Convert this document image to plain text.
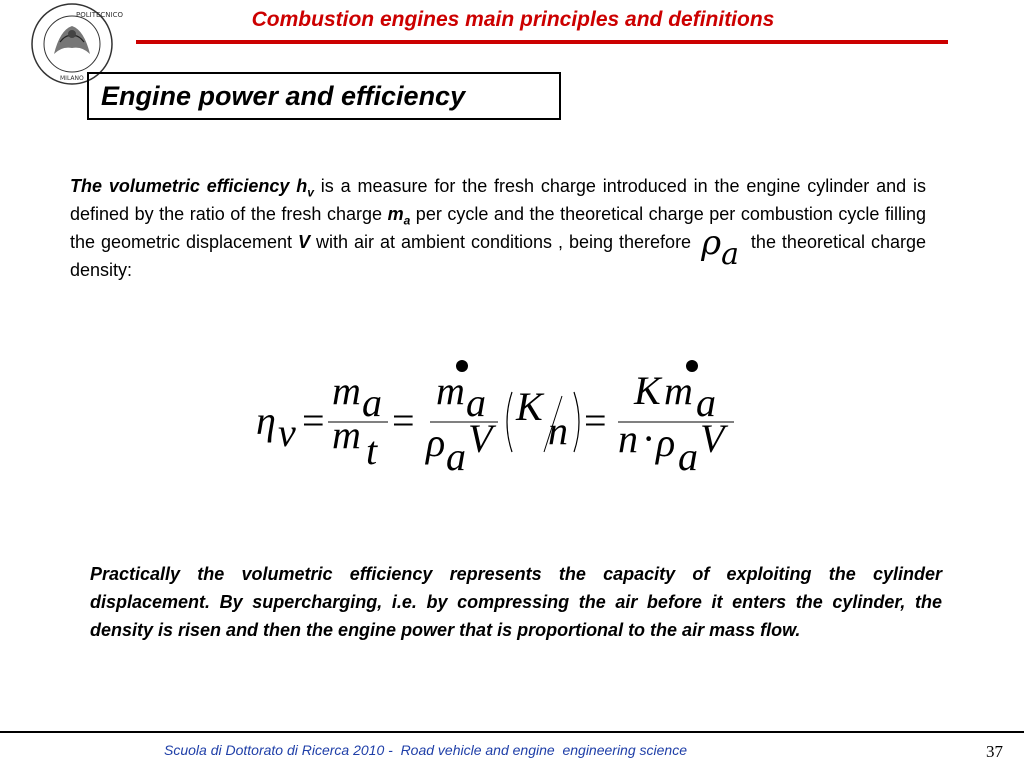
POLITECNICO
MILANO
Combustion engines main principles and definitions
Engine power and efficiency
The volumetric efficiency $h_v$ is a measure for the fresh charge introduced in the engine cylinder and is defined by the ratio of the fresh charge $m_a$ per cycle and the theoretical charge per combustion cycle filling the geometric displacement V with air at ambient conditions , being therefore $\rho_a$ the theoretical charge density:
η v =
m a
m t
=
m a
ρ a V
K
n =
K m a
n · ρ a V
Practically the volumetric efficiency represents the capacity of exploiting the cylinder displacement. By supercharging, i.e. by compressing the air before it enters the cylinder, the density is risen and then the engine power that is proportional to the air mass flow.
Scuola di Dottorato di Ricerca 2010 -  Road vehicle and engine  engineering science	37
